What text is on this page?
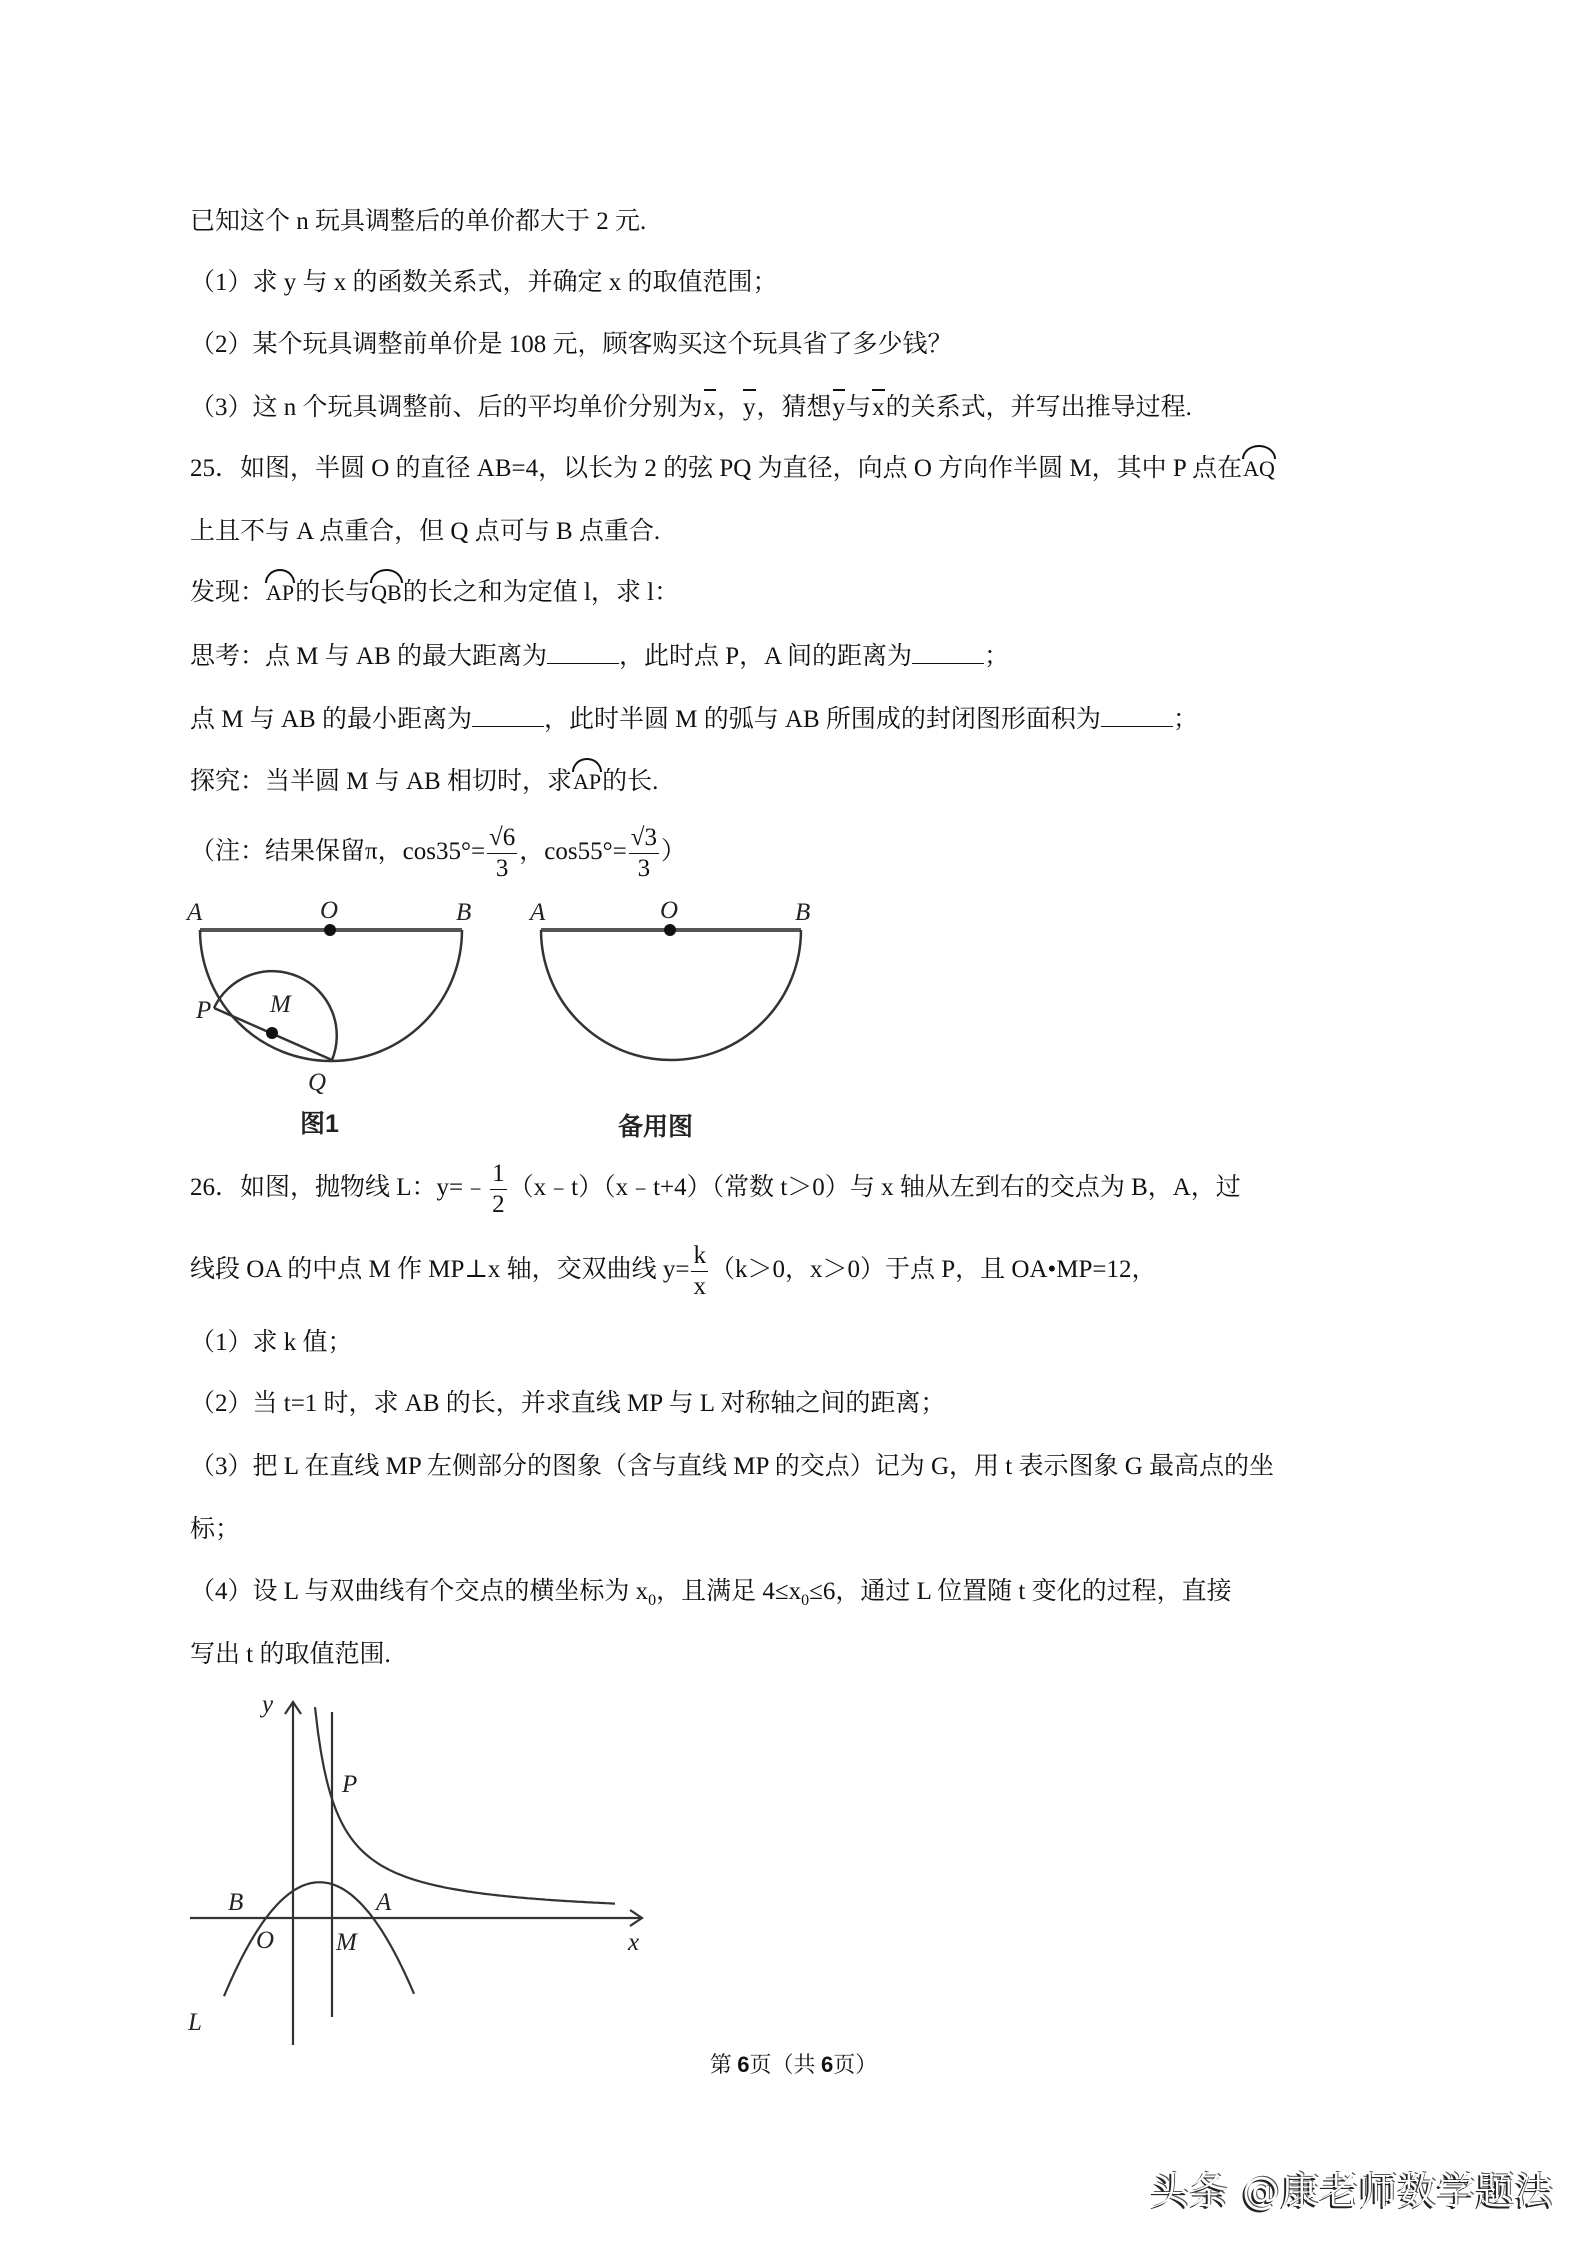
已知这个 n 玩具调整后的单价都大于 2 元.
（1）求 y 与 x 的函数关系式，并确定 x 的取值范围；
（2）某个玩具调整前单价是 108 元，顾客购买这个玩具省了多少钱？
（3）这 n 个玩具调整前、后的平均单价分别为x，y，猜想y与x的关系式，并写出推导过程.
25．如图，半圆 O 的直径 AB=4，以长为 2 的弦 PQ 为直径，向点 O 方向作半圆 M，其中 P 点在AQ
上且不与 A 点重合，但 Q 点可与 B 点重合.
发现：AP的长与QB的长之和为定值 l，求 l：
思考：点 M 与 AB 的最大距离为	，此时点 P，A 间的距离为	；
点 M 与 AB 的最小距离为	，此时半圆 M 的弧与 AB 所围成的封闭图形面积为	；
探究：当半圆 M 与 AB 相切时，求AP的长.
（注：结果保留π，$\cos 35^\circ= \frac{√6}{3}$ ，$\cos 55^\circ= \frac{√3}{3}$ ）
26．如图，抛物线 L：y=﹣ $\frac{1}{2}$ （x﹣t）（x﹣t+4）（常数 t＞0）与 x 轴从左到右的交点为 B，A，过
线段 OA 的中点 M 作 MP⊥x 轴，交双曲线 $y= \frac{k}{x} (k>0$，x＞0）于点 P，且 OA•MP=12，
（1）求 k 值；
（2）当 t=1 时，求 AB 的长，并求直线 MP 与 L 对称轴之间的距离；
（3）把 L 在直线 MP 左侧部分的图象（含与直线 MP 的交点）记为 G，用 t 表示图象 G 最高点的坐
标；
（4）设 L 与双曲线有个交点的横坐标为 $x_0$，且满足 $4\le x_0\le 6$，通过 L 位置随 t 变化的过程，直接
写出 t 的取值范围.
A	O	B
P M
Q
图1
A	O	B
备用图
y
x
P
B	A
O M
L
第 6页（共 6页）
头条 @康老师数学题法
